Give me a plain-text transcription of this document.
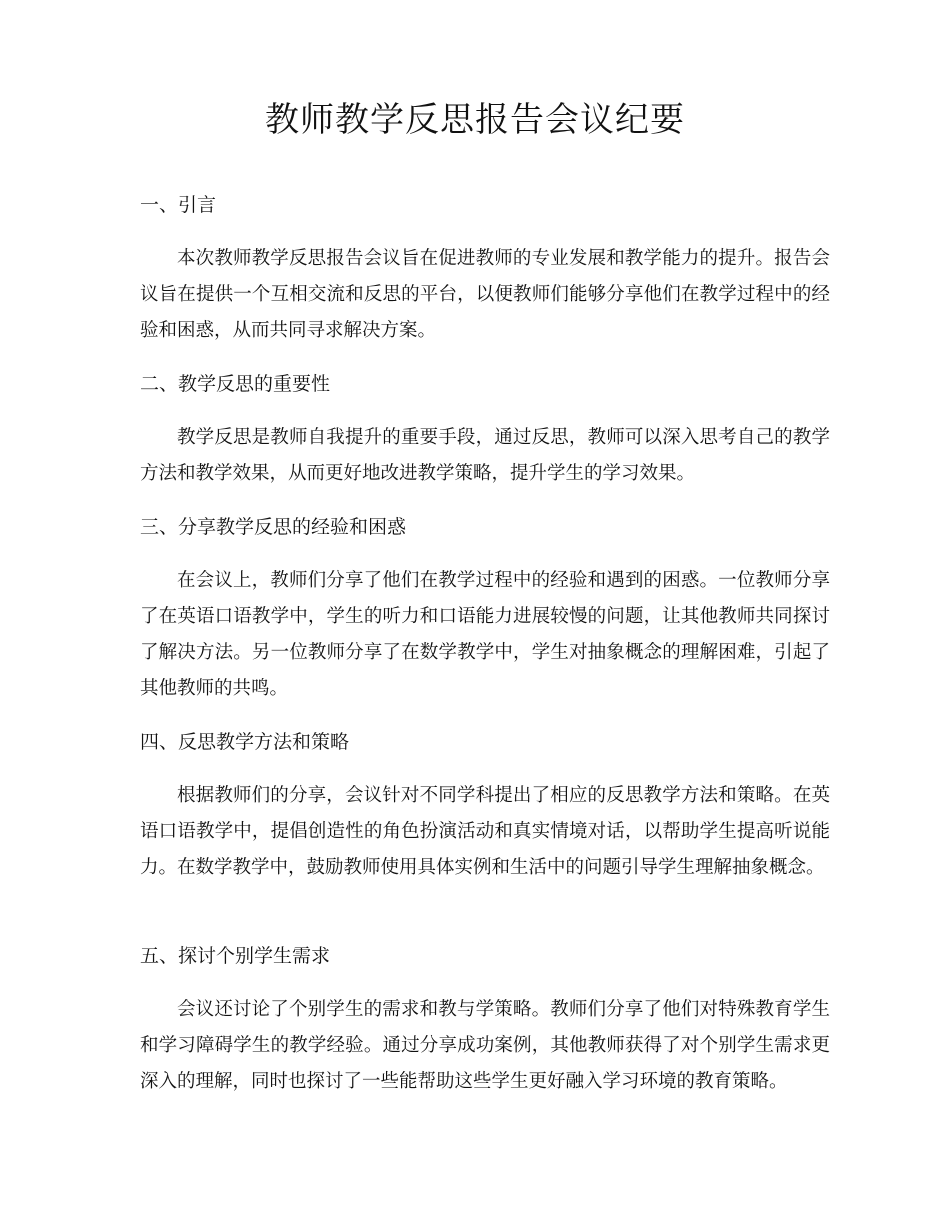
教师教学反思报告会议纪要
一、引言

本次教师教学反思报告会议旨在促进教师的专业发展和教学能力的提升。报告会议旨在提供一个互相交流和反思的平台，以便教师们能够分享他们在教学过程中的经验和困惑，从而共同寻求解决方案。

二、教学反思的重要性

教学反思是教师自我提升的重要手段，通过反思，教师可以深入思考自己的教学方法和教学效果，从而更好地改进教学策略，提升学生的学习效果。

三、分享教学反思的经验和困惑

在会议上，教师们分享了他们在教学过程中的经验和遇到的困惑。一位教师分享了在英语口语教学中，学生的听力和口语能力进展较慢的问题，让其他教师共同探讨了解决方法。另一位教师分享了在数学教学中，学生对抽象概念的理解困难，引起了其他教师的共鸣。

四、反思教学方法和策略

根据教师们的分享，会议针对不同学科提出了相应的反思教学方法和策略。在英语口语教学中，提倡创造性的角色扮演活动和真实情境对话，以帮助学生提高听说能力。在数学教学中，鼓励教师使用具体实例和生活中的问题引导学生理解抽象概念。

五、探讨个别学生需求

会议还讨论了个别学生的需求和教与学策略。教师们分享了他们对特殊教育学生和学习障碍学生的教学经验。通过分享成功案例，其他教师获得了对个别学生需求更深入的理解，同时也探讨了一些能帮助这些学生更好融入学习环境的教育策略。
